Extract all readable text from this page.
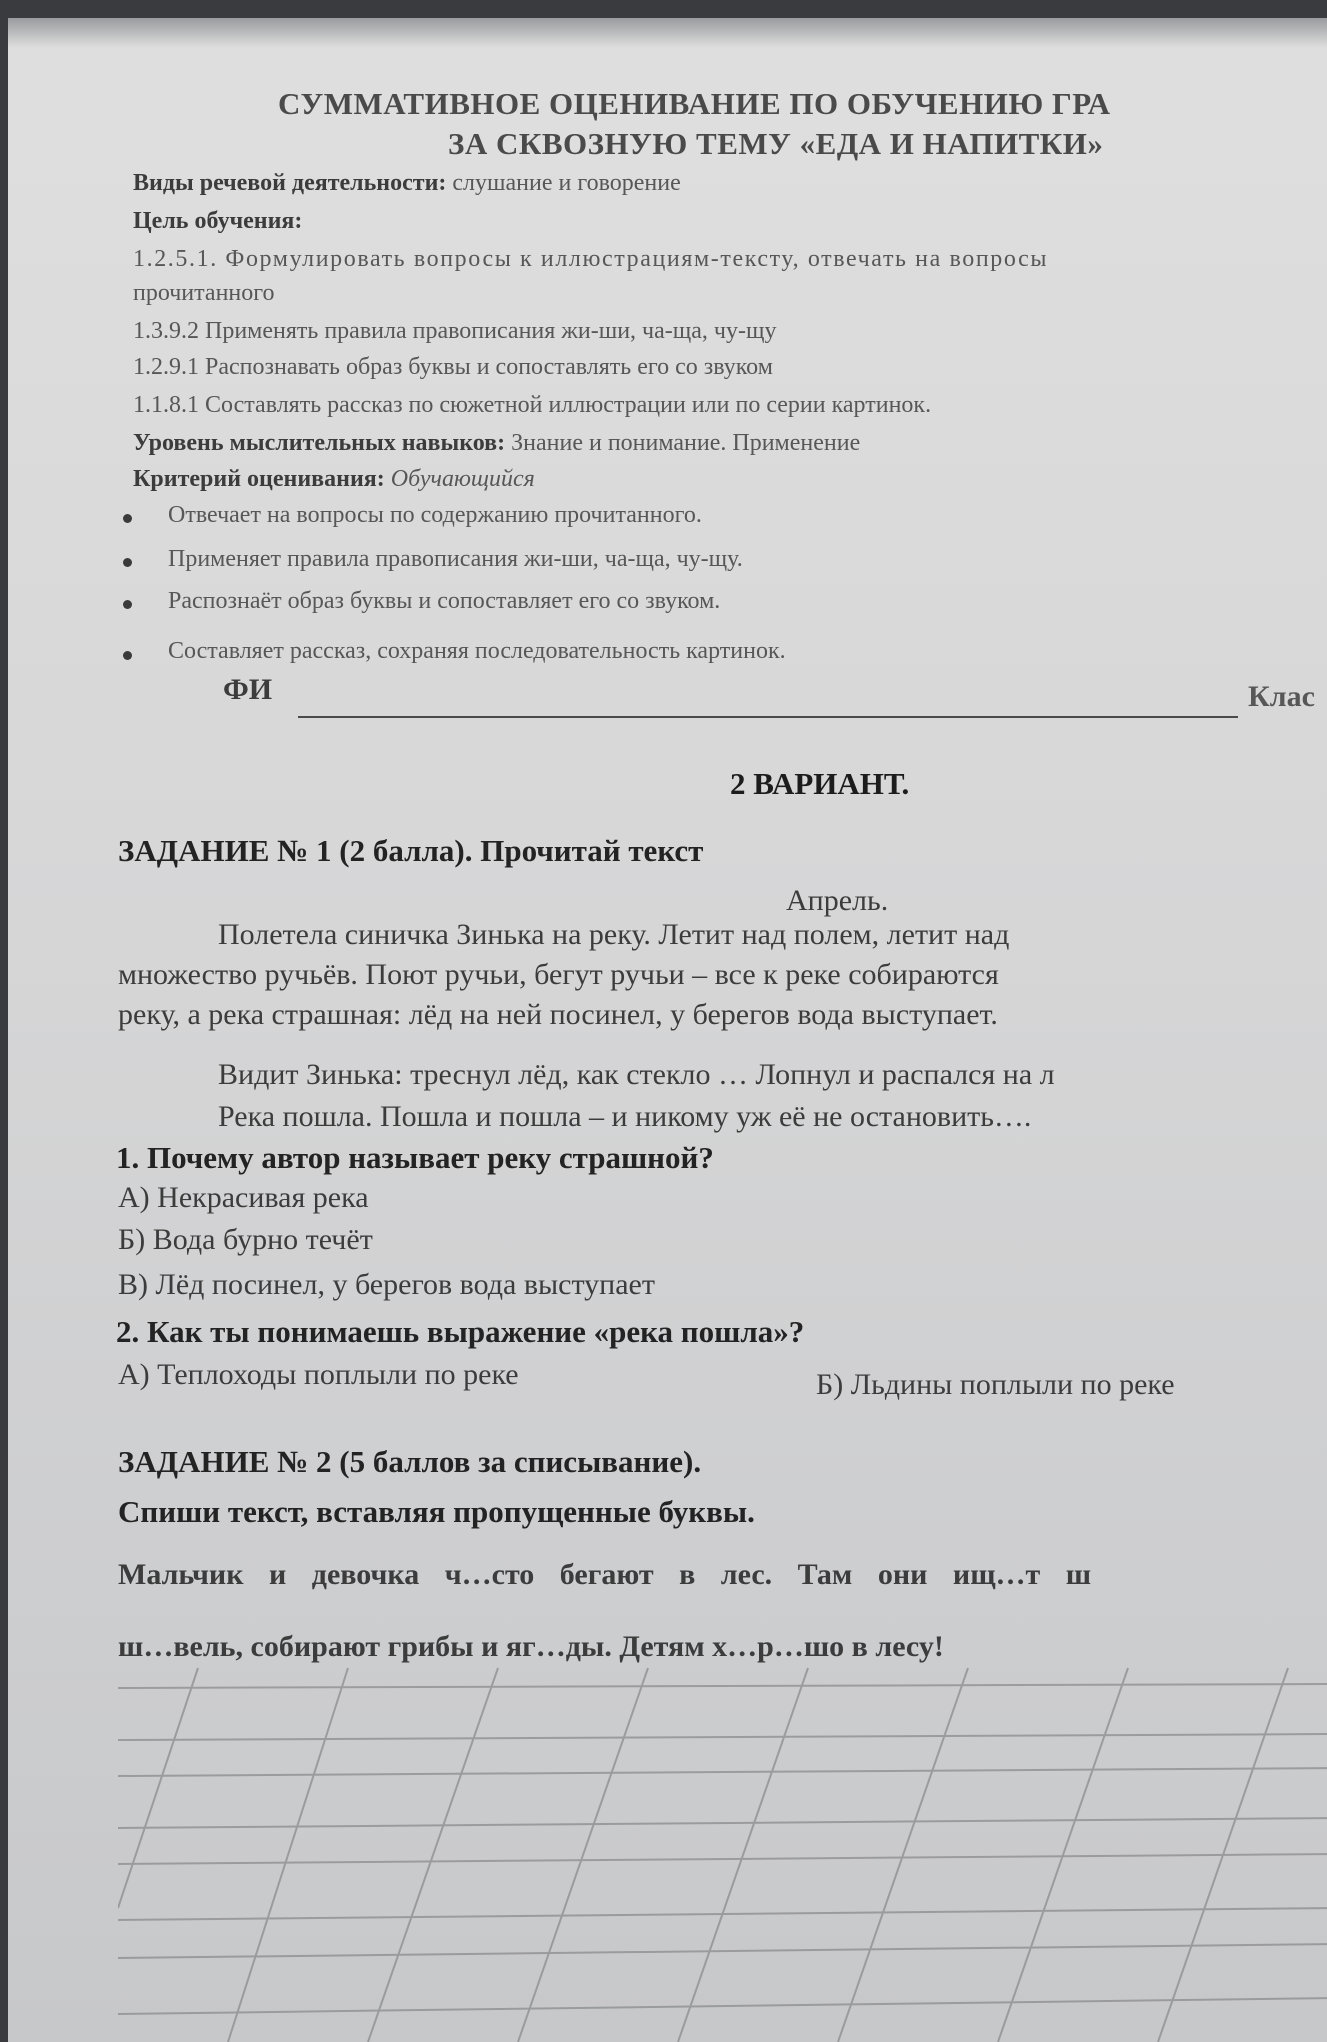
СУММАТИВНОЕ ОЦЕНИВАНИЕ ПО ОБУЧЕНИЮ ГРА
ЗА СКВОЗНУЮ ТЕМУ «ЕДА И НАПИТКИ»
Виды речевой деятельности: слушание и говорение
Цель обучения:
1.2.5.1. Формулировать вопросы к иллюстрациям-тексту, отвечать на вопросы
прочитанного
1.3.9.2 Применять правила правописания жи-ши, ча-ща, чу-щу
1.2.9.1 Распознавать образ буквы и сопоставлять его со звуком
1.1.8.1 Составлять рассказ по сюжетной иллюстрации или по серии картинок.
Уровень мыслительных навыков: Знание и понимание. Применение
Критерий оценивания: Обучающийся
Отвечает на вопросы по содержанию прочитанного.
Применяет правила правописания жи-ши, ча-ща, чу-щу.
Распознаёт образ буквы и сопоставляет его со звуком.
Составляет рассказ, сохраняя последовательность картинок.
ФИ	Клас
2 ВАРИАНТ.
ЗАДАНИЕ № 1 (2 балла). Прочитай текст
Апрель.
Полетела синичка Зинька на реку. Летит над полем, летит над
множество ручьёв. Поют ручьи, бегут ручьи – все к реке собираются
реку, а река страшная: лёд на ней посинел, у берегов вода выступает.
Видит Зинька: треснул лёд, как стекло … Лопнул и распался на л
Река пошла. Пошла и пошла – и никому уж её не остановить….
1. Почему автор называет реку страшной?
А) Некрасивая река
Б) Вода бурно течёт
В) Лёд посинел, у берегов вода выступает
2. Как ты понимаешь выражение «река пошла»?
А) Теплоходы поплыли по реке	Б) Льдины поплыли по реке
ЗАДАНИЕ № 2 (5 баллов за списывание).
Спиши текст, вставляя пропущенные буквы.
Мальчик и девочка ч…сто бегают в лес. Там они ищ…т ш
ш…вель, собирают грибы и яг…ды. Детям х…р…шо в лесу!
